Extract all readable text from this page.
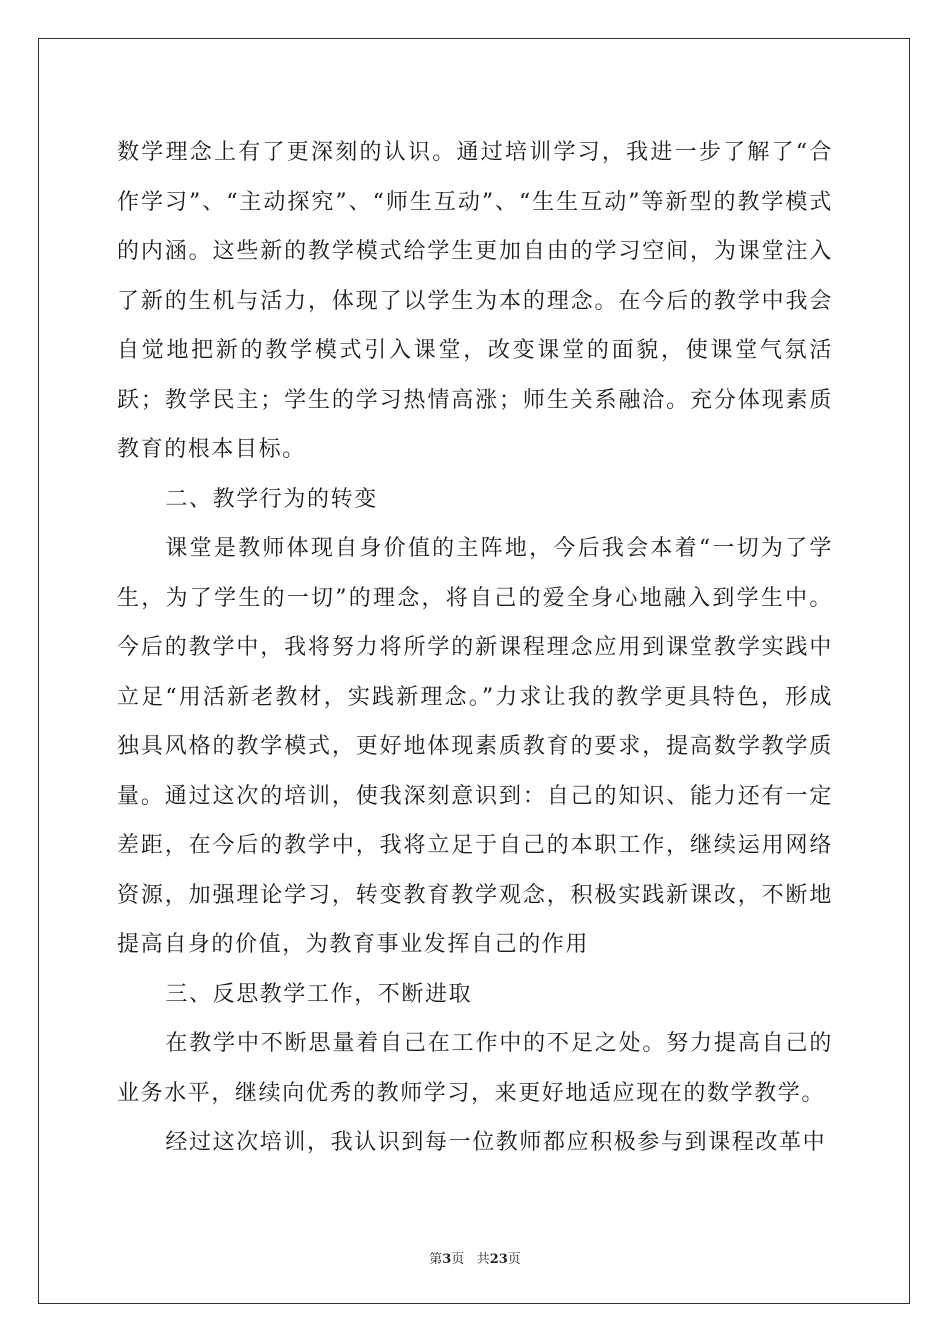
数学理念上有了更深刻的认识。通过培训学习，我进一步了解了“合作学习”、“主动探究”、“师生互动”、“生生互动”等新型的教学模式的内涵。这些新的教学模式给学生更加自由的学习空间，为课堂注入了新的生机与活力，体现了以学生为本的理念。在今后的教学中我会自觉地把新的教学模式引入课堂，改变课堂的面貌，使课堂气氛活跃；教学民主；学生的学习热情高涨；师生关系融洽。充分体现素质教育的根本目标。

二、教学行为的转变

课堂是教师体现自身价值的主阵地，今后我会本着“一切为了学生，为了学生的一切”的理念，将自己的爱全身心地融入到学生中。今后的教学中，我将努力将所学的新课程理念应用到课堂教学实践中立足“用活新老教材，实践新理念。”力求让我的教学更具特色，形成独具风格的教学模式，更好地体现素质教育的要求，提高数学教学质量。通过这次的培训，使我深刻意识到：自己的知识、能力还有一定差距，在今后的教学中，我将立足于自己的本职工作，继续运用网络资源，加强理论学习，转变教育教学观念，积极实践新课改，不断地提高自身的价值，为教育事业发挥自己的作用

三、反思教学工作，不断进取

在教学中不断思量着自己在工作中的不足之处。努力提高自己的业务水平，继续向优秀的教师学习，来更好地适应现在的数学教学。

经过这次培训，我认识到每一位教师都应积极参与到课程改革中

第3页 共23页
